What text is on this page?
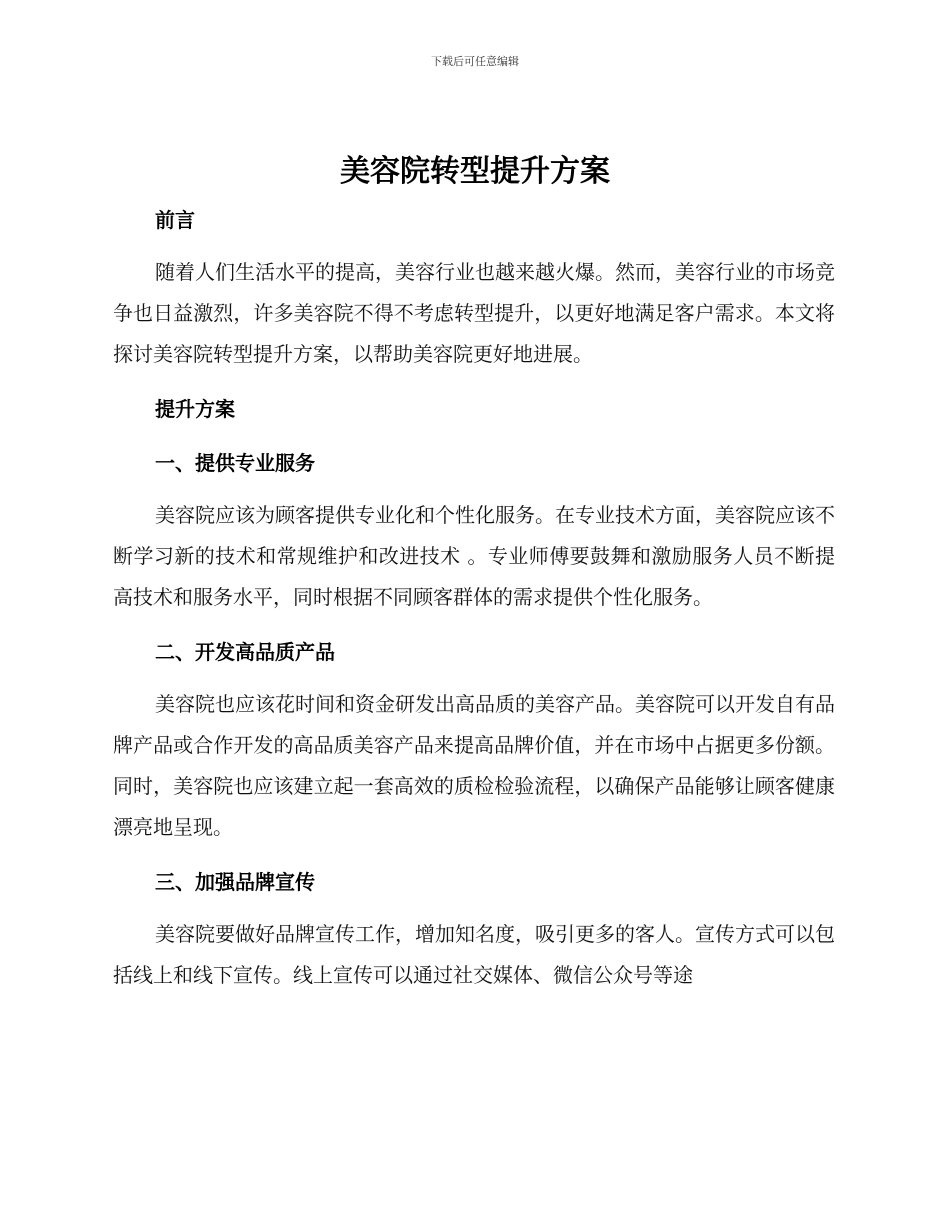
下载后可任意编辑
美容院转型提升方案
前言

随着人们生活水平的提高，美容行业也越来越火爆。然而，美容行业的市场竞争也日益激烈，许多美容院不得不考虑转型提升，以更好地满足客户需求。本文将探讨美容院转型提升方案，以帮助美容院更好地进展。

提升方案
一、提供专业服务

美容院应该为顾客提供专业化和个性化服务。在专业技术方面，美容院应该不断学习新的技术和常规维护和改进技术 。专业师傅要鼓舞和激励服务人员不断提高技术和服务水平，同时根据不同顾客群体的需求提供个性化服务。

二、开发高品质产品

美容院也应该花时间和资金研发出高品质的美容产品。美容院可以开发自有品牌产品或合作开发的高品质美容产品来提高品牌价值，并在市场中占据更多份额。同时，美容院也应该建立起一套高效的质检检验流程，以确保产品能够让顾客健康漂亮地呈现。

三、加强品牌宣传

美容院要做好品牌宣传工作，增加知名度，吸引更多的客人。宣传方式可以包括线上和线下宣传。线上宣传可以通过社交媒体、微信公众号等途
